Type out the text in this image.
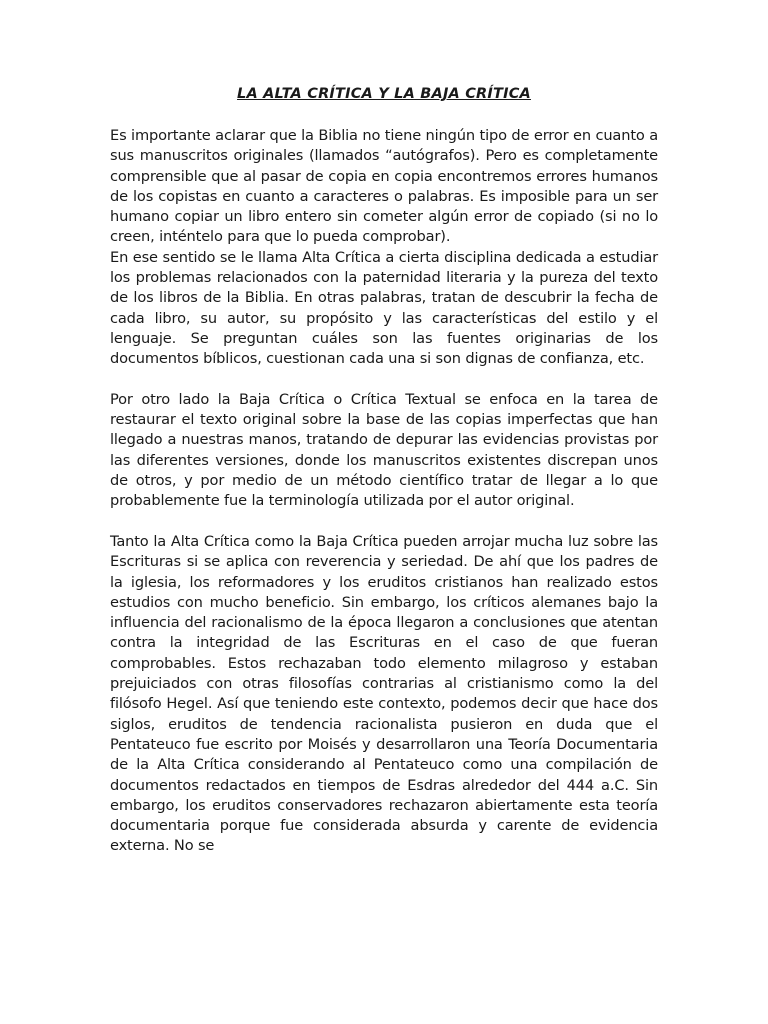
LA ALTA CRÍTICA Y LA BAJA CRÍTICA

Es importante aclarar que la Biblia no tiene ningún tipo de error en cuanto a sus manuscritos originales (llamados “autógrafos). Pero es completamente comprensible que al pasar de copia en copia encontremos errores humanos de los copistas en cuanto a caracteres o palabras. Es imposible para un ser humano copiar un libro entero sin cometer algún error de copiado (si no lo creen, inténtelo para que lo pueda comprobar).

En ese sentido se le llama Alta Crítica a cierta disciplina dedicada a estudiar los problemas relacionados con la paternidad literaria y la pureza del texto de los libros de la Biblia. En otras palabras, tratan de descubrir la fecha de cada libro, su autor, su propósito y las características del estilo y el lenguaje. Se preguntan cuáles son las fuentes originarias de los documentos bíblicos, cuestionan cada una si son dignas de confianza, etc.

Por otro lado la Baja Crítica o Crítica Textual se enfoca en la tarea de restaurar el texto original sobre la base de las copias imperfectas que han llegado a nuestras manos, tratando de depurar las evidencias provistas por las diferentes versiones, donde los manuscritos existentes discrepan unos de otros, y por medio de un método científico tratar de llegar a lo que probablemente fue la terminología utilizada por el autor original.

Tanto la Alta Crítica como la Baja Crítica pueden arrojar mucha luz sobre las Escrituras si se aplica con reverencia y seriedad. De ahí que los padres de la iglesia, los reformadores y los eruditos cristianos han realizado estos estudios con mucho beneficio. Sin embargo, los críticos alemanes bajo la influencia del racionalismo de la época llegaron a conclusiones que atentan contra la integridad de las Escrituras en el caso de que fueran comprobables. Estos rechazaban todo elemento milagroso y estaban prejuiciados con otras filosofías contrarias al cristianismo como la del filósofo Hegel. Así que teniendo este contexto, podemos decir que hace dos siglos, eruditos de tendencia racionalista pusieron en duda que el Pentateuco fue escrito por Moisés y desarrollaron una Teoría Documentaria de la Alta Crítica considerando al Pentateuco como una compilación de documentos redactados en tiempos de Esdras alrededor del 444 a.C. Sin embargo, los eruditos conservadores rechazaron abiertamente esta teoría documentaria porque fue considerada absurda y carente de evidencia externa. No se
